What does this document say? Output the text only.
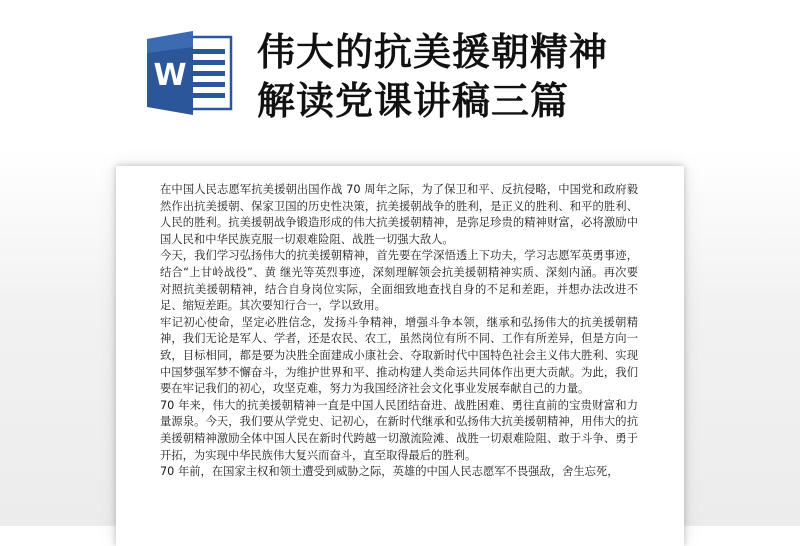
W
伟大的抗美援朝精神
解读党课讲稿三篇

在中国人民志愿军抗美援朝出国作战 70 周年之际，为了保卫和平、反抗侵略，中国党和政府毅然作出抗美援朝、保家卫国的历史性决策，抗美援朝战争的胜利，是正义的胜利、和平的胜利、人民的胜利。抗美援朝战争锻造形成的伟大抗美援朝精神，是弥足珍贵的精神财富，必将激励中国人民和中华民族克服一切艰难险阻、战胜一切强大敌人。

今天，我们学习弘扬伟大的抗美援朝精神，首先要在学深悟透上下功夫，学习志愿军英勇事迹，结合“上甘岭战役”、黄 继光等英烈事迹，深刻理解领会抗美援朝精神实质、深刻内涵。再次要对照抗美援朝精神，结合自身岗位实际，全面细致地查找自身的不足和差距，并想办法改进不足、缩短差距。其次要知行合一，学以致用。

牢记初心使命，坚定必胜信念，发扬斗争精神，增强斗争本领，继承和弘扬伟大的抗美援朝精神，我们无论是军人、学者，还是农民、农工，虽然岗位有所不同、工作有所差异，但是方向一致，目标相同，都是要为决胜全面建成小康社会、夺取新时代中国特色社会主义伟大胜利、实现中国梦强军梦不懈奋斗，为维护世界和平、推动构建人类命运共同体作出更大贡献。为此，我们要在牢记我们的初心，攻坚克难，努力为我国经济社会文化事业发展奉献自己的力量。

70 年来，伟大的抗美援朝精神一直是中国人民团结奋进、战胜困难、勇往直前的宝贵财富和力量源泉。今天，我们要从学党史、记初心，在新时代继承和弘扬伟大抗美援朝精神，用伟大的抗美援朝精神激励全体中国人民在新时代跨越一切激流险滩、战胜一切艰难险阻、敢于斗争、勇于开拓，为实现中华民族伟大复兴而奋斗，直至取得最后的胜利。

70 年前，在国家主权和领土遭受到威胁之际，英雄的中国人民志愿军不畏强敌，舍生忘死，
